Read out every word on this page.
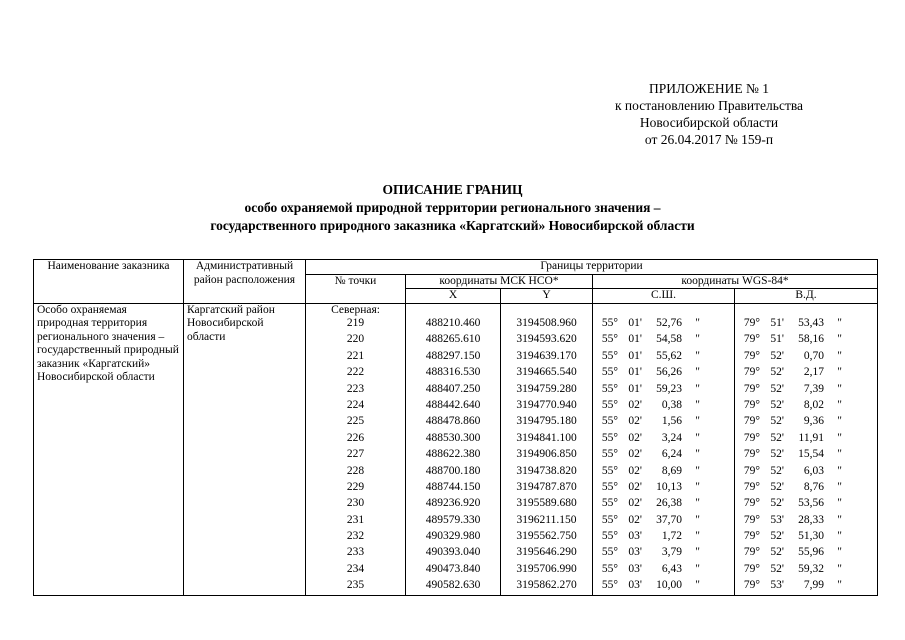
ПРИЛОЖЕНИЕ № 1
к постановлению Правительства
Новосибирской области
от 26.04.2017 № 159-п
ОПИСАНИЕ ГРАНИЦ
особо охраняемой природной территории регионального значения –
государственного природного заказника «Каргатский» Новосибирской области
Наименование заказника	Административный район расположения	Границы территории				
		№ точки	координаты МСК НСО*		координаты WGS-84*	
			X	Y	С.Ш.	В.Д.
Особо охраняемая природная территория регионального значения – государственный природный заказник «Каргатский» Новосибирской области	Каргатский район Новосибирской области	Северная:				
		219	488210.460	3194508.960	55° 01' 52,76 "	79° 51' 53,43 "

		220	488265.610	3194593.620	55° 01' 54,58 "	79° 51' 58,16 "

		221	488297.150	3194639.170	55° 01' 55,62 "	79° 52' 0,70 "

		222	488316.530	3194665.540	55° 01' 56,26 "	79° 52' 2,17 "

		223	488407.250	3194759.280	55° 01' 59,23 "	79° 52' 7,39 "

		224	488442.640	3194770.940	55° 02' 0,38 "	79° 52' 8,02 "

		225	488478.860	3194795.180	55° 02' 1,56 "	79° 52' 9,36 "

		226	488530.300	3194841.100	55° 02' 3,24 "	79° 52' 11,91 "

		227	488622.380	3194906.850	55° 02' 6,24 "	79° 52' 15,54 "

		228	488700.180	3194738.820	55° 02' 8,69 "	79° 52' 6,03 "

		229	488744.150	3194787.870	55° 02' 10,13 "	79° 52' 8,76 "

		230	489236.920	3195589.680	55° 02' 26,38 "	79° 52' 53,56 "

		231	489579.330	3196211.150	55° 02' 37,70 "	79° 53' 28,33 "

		232	490329.980	3195562.750	55° 03' 1,72 "	79° 52' 51,30 "

		233	490393.040	3195646.290	55° 03' 3,79 "	79° 52' 55,96 "

		234	490473.840	3195706.990	55° 03' 6,43 "	79° 52' 59,32 "

		235	490582.630	3195862.270	55° 03' 10,00 "	79° 53' 7,99 "
